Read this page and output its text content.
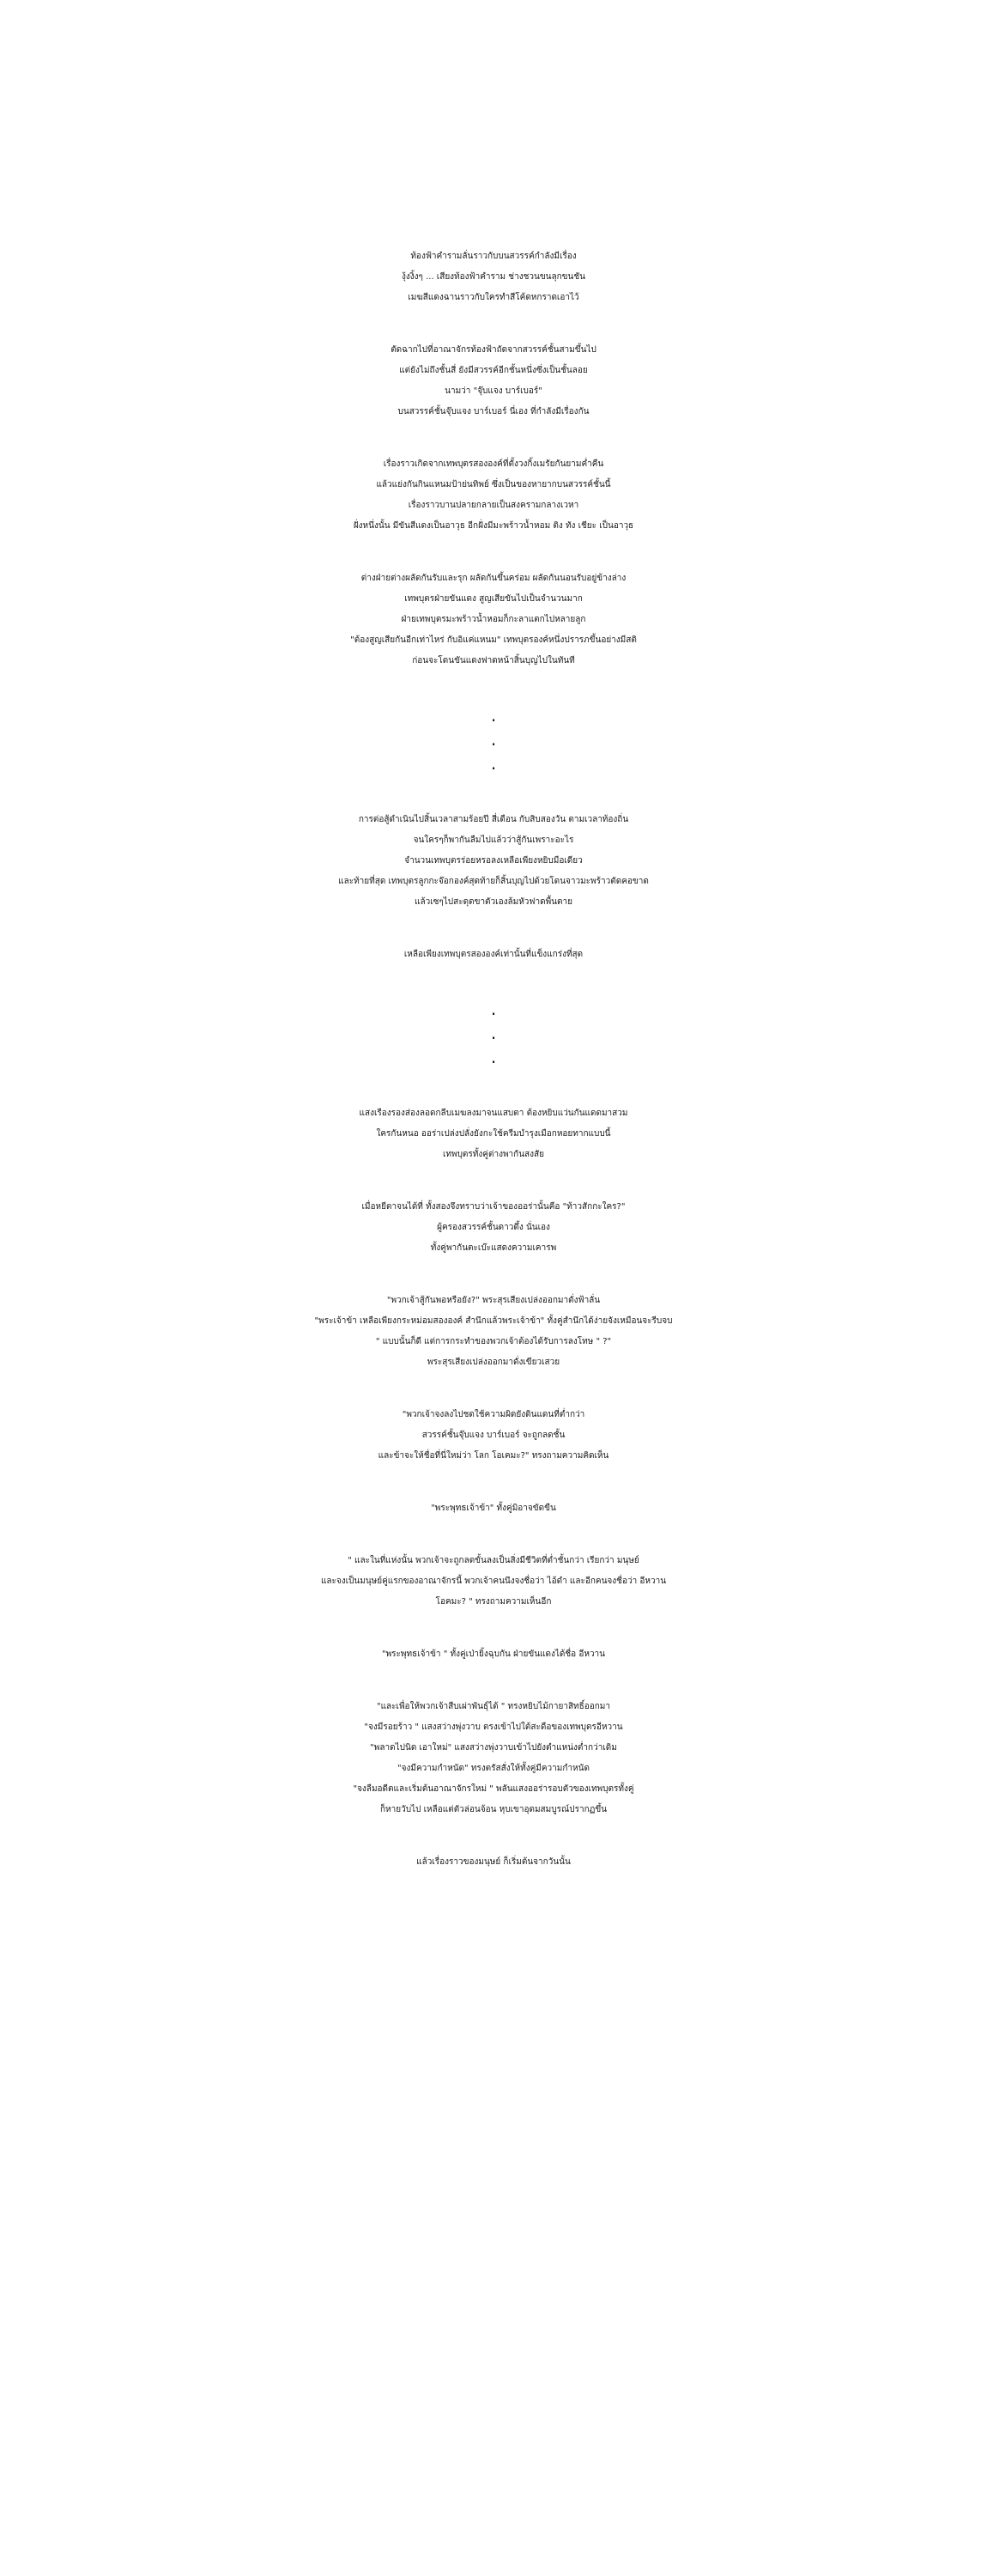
ท้องฟ้าคำรามลั่นราวกับบนสวรรค์กำลังมีเรื่อง
งุ้งงิ้งๆ ... เสียงท้องฟ้าคำราม ช่างชวนขนลุกขนชัน
เมฆสีแดงฉานราวกับใครทำสีโค้ดหกราดเอาไว้
ตัดฉากไปที่อาณาจักรท้องฟ้าถัดจากสวรรค์ชั้นสามขึ้นไป
แต่ยังไม่ถึงชั้นสี่ ยังมีสวรรค์อีกชั้นหนึ่งซึ่งเป็นชั้นลอย
นามว่า "จุ๊บแจง บาร์เบอร์"
บนสวรรค์ชั้นจุ๊บแจง บาร์เบอร์ นี่เอง ที่กำลังมีเรื่องกัน
เรื่องราวเกิดจากเทพบุตรสององค์ที่ตั้งวงกิ้งเมรัยกันยามค่ำคืน
แล้วแย่งกันกินแหนมป้าย่นทิพย์ ซึ่งเป็นของหายากบนสวรรค์ชั้นนี้
เรื่องราวบานปลายกลายเป็นสงครามกลางเวหา
ฝั่งหนึ่งนั้น มีขันสีแดงเป็นอาวุธ อีกฝั่งมีมะพร้าวน้ำหอม ติง ทัง เชียะ เป็นอาวุธ
ต่างฝ่ายต่างผลัดกันรับและรุก ผลัดกันขึ้นคร่อม ผลัดกันนอนรับอยู่ข้างล่าง
เทพบุตรฝ่ายขันแดง สูญเสียขันไปเป็นจำนวนมาก
ฝ่ายเทพบุตรมะพร้าวน้ำหอมก็กะลาแตกไปหลายลูก
"ต้องสูญเสียกันอีกเท่าไหร่ กับอิแค่แหนม" เทพบุตรองค์หนึ่งปรารภขึ้นอย่างมีสติ
ก่อนจะโดนขันแดงฟาดหน้าสิ้นบุญไปในทันที
.
.
.
การต่อสู้ดำเนินไปสิ้นเวลาสามร้อยปี สี่เดือน กับสิบสองวัน ตามเวลาท้องถิ่น
จนใครๆก็พากันลืมไปแล้วว่าสู้กันเพราะอะไร
จำนวนเทพบุตรร่อยหรอลงเหลือเพียงหยิบมือเดียว
และท้ายที่สุด เทพบุตรลูกกะจ๊อกองค์สุดท้ายก็สิ้นบุญไปด้วยโดนจาวมะพร้าวตัดคอขาด
แล้วเซๆไปสะดุดขาตัวเองล้มหัวฟาดพื้นตาย
เหลือเพียงเทพบุตรสององค์เท่านั้นที่แข็งแกร่งที่สุด
.
.
.
แสงเรืองรองส่องลอดกลีบเมฆลงมาจนแสบตา ต้องหยิบแว่นกันแดดมาสวม
ใครกันหนอ ออร่าเปล่งปลั่งยังกะใช้ครีมบำรุงเมือกหอยทากแบบนี้
เทพบุตรทั้งคู่ต่างพากันสงสัย
เมื่อหยีตาจนได้ที่ ทั้งสองจึงทราบว่าเจ้าของออร่านั้นคือ "ท้าวสักกะใคร?"
ผู้ครองสวรรค์ชั้นดาวดึ้ง นั่นเอง
ทั้งคู่พากันตะเบ๊ะแสดงความเคารพ
"พวกเจ้าสู้กันพอหรือยัง?" พระสุรเสียงเปล่งออกมาดั่งฟ้าลั่น
"พระเจ้าข้า เหลือเพียงกระหม่อมสององค์ สำนึกแล้วพระเจ้าข้า" ทั้งคู่สำนึกได้ง่ายจังเหมือนจะรีบจบ
" แบบนั้นก็ดี แต่การกระทำของพวกเจ้าต้องได้รับการลงโทษ " ?"
พระสุรเสียงเปล่งออกมาดั่งเขียวเสวย
"พวกเจ้าจงลงไปชดใช้ความผิดยังดินแดนที่ต่ำกว่า
สวรรค์ชั้นจุ๊บแจง บาร์เบอร์ จะถูกลดชั้น
และข้าจะให้ชื่อที่นี่ใหม่ว่า โลก โอเคมะ?" ทรงถามความคิดเห็น
"พระพุทธเจ้าข้า" ทั้งคู่มิอาจขัดขืน
" และในที่แห่งนั้น พวกเจ้าจะถูกลดขั้นลงเป็นสิ่งมีชีวิตที่ต่ำชั้นกว่า เรียกว่า มนุษย์
และจงเป็นมนุษย์คู่แรกของอาณาจักรนี้ พวกเจ้าคนนึงจงชื่อว่า ไอ้ดำ และอีกคนจงชื่อว่า อีหวาน
โอคมะ? " ทรงถามความเห็นอีก
"พระพุทธเจ้าข้า " ทั้งคู่เป่ายิ้งฉุบกัน ฝ่ายขันแดงได้ชื่อ อีหวาน
"และเพื่อให้พวกเจ้าสืบเผ่าพันธุ์ได้ " ทรงหยิบไม้กายาสิทธิ์ออกมา
"จงมีรอยร้าว " แสงสว่างพุ่งวาบ ตรงเข้าไปใต้สะดือของเทพบุตรอีหวาน
"พลาดไปนิด เอาใหม่" แสงสว่างพุ่งวาบเข้าไปยังตำแหน่งต่ำกว่าเดิม
"จงมีความกำหนัด" ทรงตรัสสั่งให้ทั้งคู่มีความกำหนัด
"จงลืมอดีตและเริ่มต้นอาณาจักรใหม่ " พลันแสงออร่ารอบตัวของเทพบุตรทั้งคู่
ก็หายวับไป เหลือแต่ตัวล่อนจ้อน หุบเขาอุดมสมบูรณ์ปรากฏขึ้น
แล้วเรื่องราวของมนุษย์ ก็เริ่มต้นจากวันนั้น
